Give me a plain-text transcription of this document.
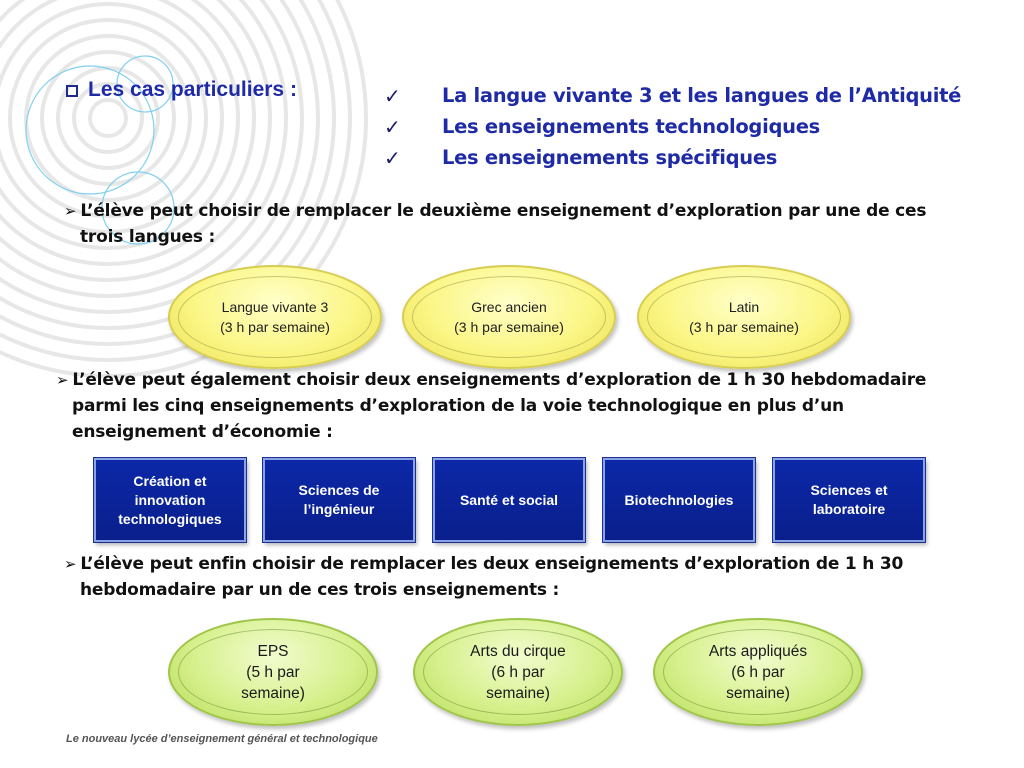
Les cas particuliers :	✓	La langue vivante 3 et les langues de l’Antiquité
✓	Les enseignements technologiques
✓	Les enseignements spécifiques
➢ L’élève peut choisir de remplacer le deuxième enseignement d’exploration par une de ces
trois langues :
Langue vivante 3
(3 h par semaine)
Grec ancien
(3 h par semaine)
Latin
(3 h par semaine)
➢ L’élève peut également choisir deux enseignements d’exploration de 1 h 30 hebdomadaire
parmi les cinq enseignements d’exploration de la voie technologique en plus d’un
enseignement d’économie :
Création et
innovation
technologiques
Sciences de
l’ingénieur
Santé et social	Biotechnologies
Sciences et
laboratoire
➢ L’élève peut enfin choisir de remplacer les deux enseignements d’exploration de 1 h 30
hebdomadaire par un de ces trois enseignements :
EPS
(5 h par
semaine)
Arts du cirque
(6 h par
semaine)
Arts appliqués
(6 h par
semaine)
Le nouveau lycée d’enseignement général et technologique
